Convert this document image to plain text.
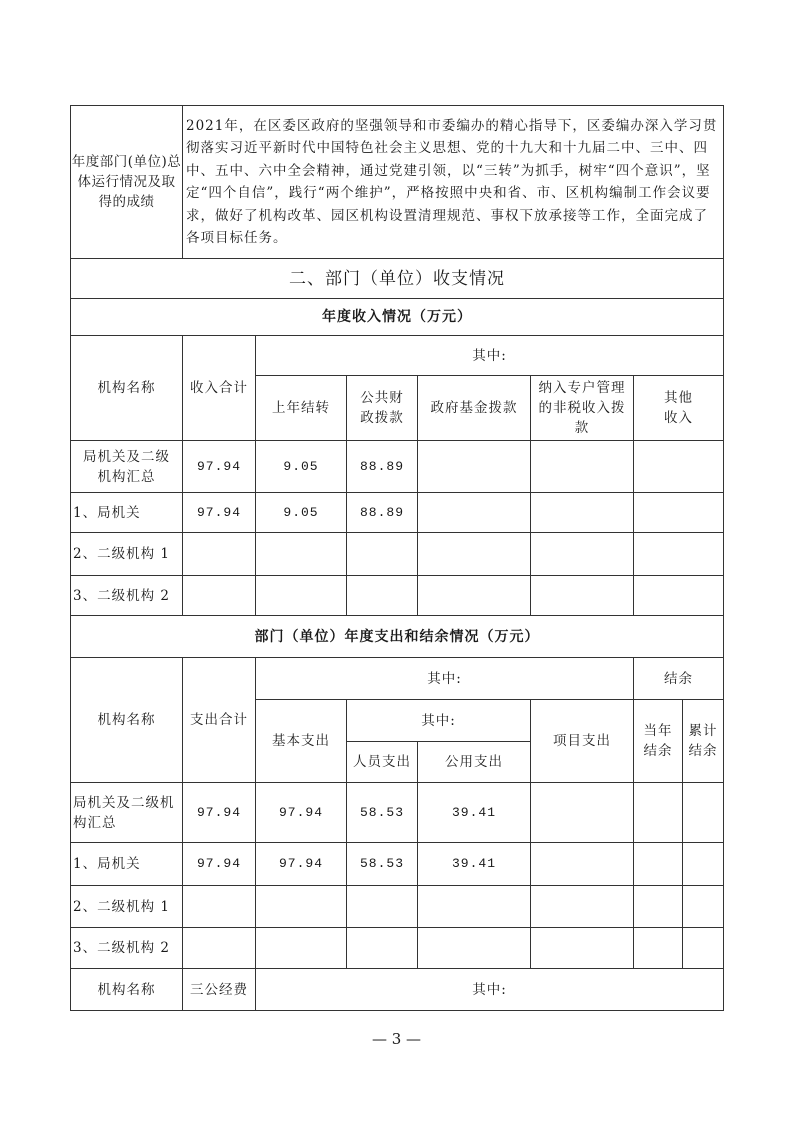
年度部门(单位)总体运行情况及取得的成绩	2021年，在区委区政府的坚强领导和市委编办的精心指导下，区委编办深入学习贯彻落实习近平新时代中国特色社会主义思想、党的十九大和十九届二中、三中、四中、五中、六中全会精神，通过党建引领，以“三转”为抓手，树牢“四个意识”，坚定“四个自信”，践行“两个维护”，严格按照中央和省、市、区机构编制工作会议要求，做好了机构改革、园区机构设置清理规范、事权下放承接等工作，全面完成了各项目标任务。						
二、部门（单位）收支情况							
年度收入情况（万元）							
机构名称	收入合计	其中:					
		上年结转	公共财政拨款	政府基金拨款	纳入专户管理的非税收入拨款	其他收入	
局机关及二级机构汇总	97.94	9.05	88.89				
1、局机关	97.94	9.05	88.89				
2、二级机构 1							
3、二级机构 2							
部门（单位）年度支出和结余情况（万元）							
机构名称	支出合计	其中:				结余	
		基本支出	其中:		项目支出	当年结余	累计结余
			人员支出	公用支出			
局机关及二级机构汇总	97.94	97.94	58.53	39.41			
1、局机关	97.94	97.94	58.53	39.41			
2、二级机构 1							
3、二级机构 2							
机构名称	三公经费	其中:					
— 3 —
